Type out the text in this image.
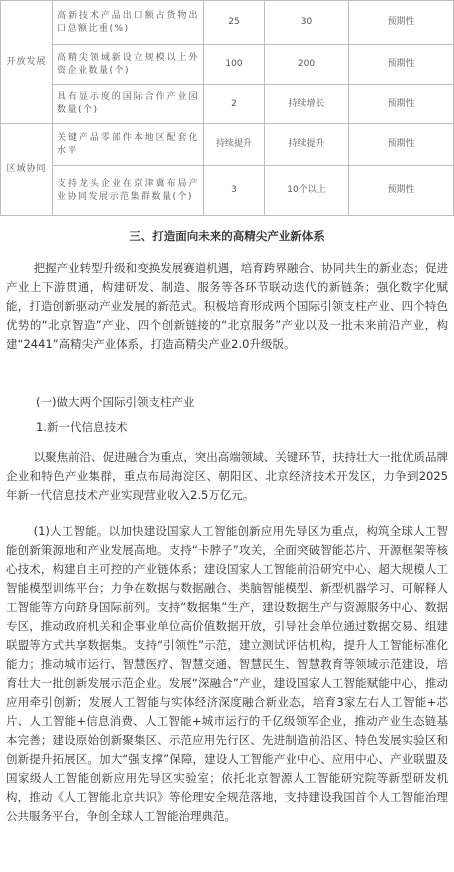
开放发展	高新技术产品出口额占货物出口总额比重(%)	25	30	预期性
	高精尖领域新设立规模以上外资企业数量(个)	100	200	预期性
	具有显示度的国际合作产业园数量(个)	2	持续增长	预期性
区域协同	关键产品零部件本地区配套化水平	持续提升	持续提升	预期性
	支持龙头企业在京津冀布局产业协同发展示范集群数量(个)	3	10个以上	预期性

三、打造面向未来的高精尖产业新体系

把握产业转型升级和变换发展赛道机遇，培育跨界融合、协同共生的新业态；促进产业上下游贯通，构建研发、制造、服务等各环节联动迭代的新链条；强化数字化赋能，打造创新驱动产业发展的新范式。积极培育形成两个国际引领支柱产业、四个特色优势的“北京智造”产业、四个创新链接的“北京服务”产业以及一批未来前沿产业，构建“2441”高精尖产业体系，打造高精尖产业2.0升级版。

(一)做大两个国际引领支柱产业

1.新一代信息技术

以聚焦前沿、促进融合为重点，突出高端领域、关键环节，扶持壮大一批优质品牌企业和特色产业集群，重点布局海淀区、朝阳区、北京经济技术开发区，力争到2025年新一代信息技术产业实现营业收入2.5万亿元。

(1)人工智能。以加快建设国家人工智能创新应用先导区为重点，构筑全球人工智能创新策源地和产业发展高地。支持“卡脖子”攻关，全面突破智能芯片、开源框架等核心技术，构建自主可控的产业链体系；建设国家人工智能前沿研究中心、超大规模人工智能模型训练平台；力争在数据与数据融合、类脑智能模型、新型机器学习、可解释人工智能等方向跻身国际前列。支持“数据集”生产，建设数据生产与资源服务中心、数据专区，推动政府机关和企事业单位高价值数据开放，引导社会单位通过数据交易、组建联盟等方式共享数据集。支持“引领性”示范，建立测试评估机构，提升人工智能标准化能力；推动城市运行、智慧医疗、智慧交通、智慧民生、智慧教育等领域示范建设，培育壮大一批创新发展示范企业。发展“深融合”产业，建设国家人工智能赋能中心，推动应用牵引创新；发展人工智能与实体经济深度融合新业态，培育3家左右人工智能+芯片、人工智能+信息消费、人工智能+城市运行的千亿级领军企业，推动产业生态链基本完善；建设原始创新聚集区、示范应用先行区、先进制造前沿区、特色发展实验区和创新提升拓展区。加大“强支撑”保障，建设人工智能产业中心、应用中心、产业联盟及国家级人工智能创新应用先导区实验室；依托北京智源人工智能研究院等新型研发机构，推动《人工智能北京共识》等伦理安全规范落地，支持建设我国首个人工智能治理公共服务平台，争创全球人工智能治理典范。
